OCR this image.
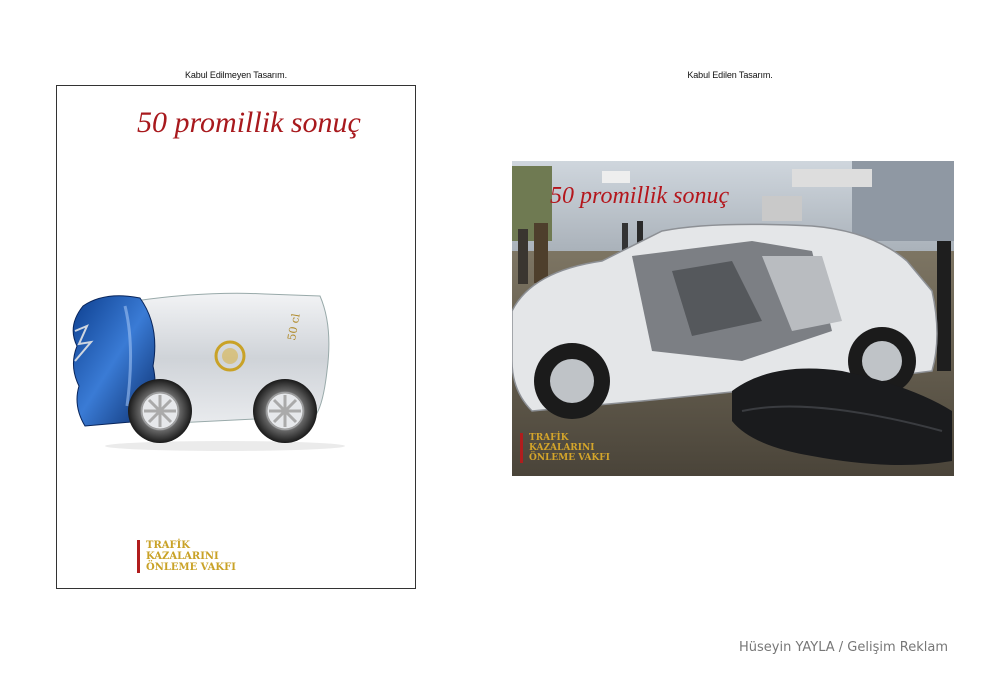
Kabul Edilmeyen Tasarım.	Kabul Edilen Tasarım.
50 promillik sonuç
50 cl
TRAFİK
KAZALARINI
ÖNLEME VAKFI
50 promillik sonuç
TRAFİK
KAZALARINI
ÖNLEME VAKFI
Hüseyin YAYLA / Gelişim Reklam
